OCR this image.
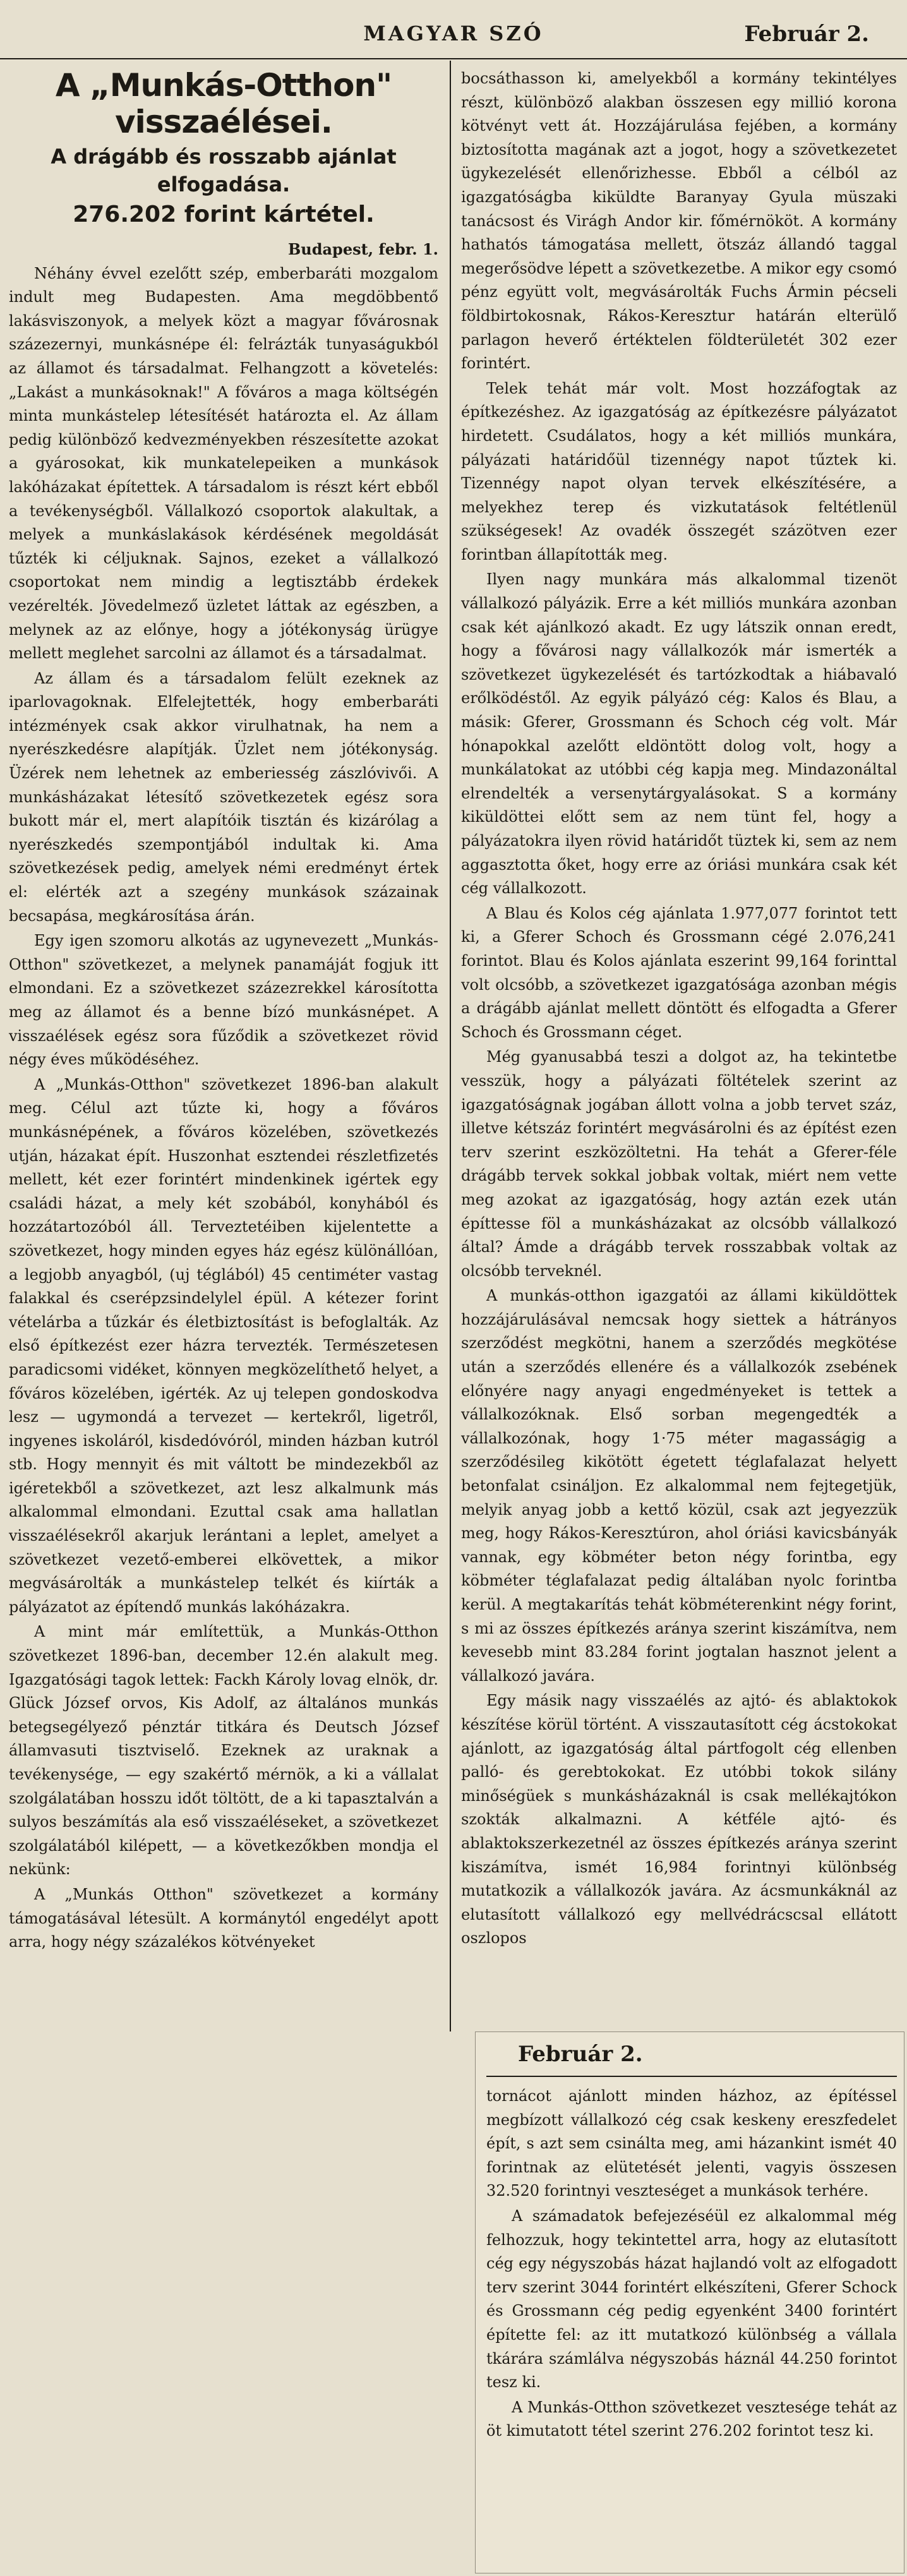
MAGYAR SZÓ	Február 2.
A „Munkás-Otthon" visszaélései.
A drágább és rosszabb ajánlat elfogadása.
276.202 forint kártétel.
Budapest, febr. 1.

Néhány évvel ezelőtt szép, emberbaráti mozgalom indult meg Budapesten. Ama megdöbbentő lakásviszonyok, a melyek közt a magyar fővárosnak százezernyi, munkásnépe él: felrázták tunyaságukból az államot és társadalmat. Felhangzott a követelés: „Lakást a munkásoknak!" A főváros a maga költségén minta munkástelep létesítését határozta el. Az állam pedig különböző kedvezményekben részesítette azokat a gyárosokat, kik munkatelepeiken a munkások lakóházakat építettek. A társadalom is részt kért ebből a tevékenységből. Vállalkozó csoportok alakultak, a melyek a munkáslakások kérdésének megoldását tűzték ki céljuknak. Sajnos, ezeket a vállalkozó csoportokat nem mindig a legtisztább érdekek vezérelték. Jövedelmező üzletet láttak az egészben, a melynek az az előnye, hogy a jótékonyság ürügye mellett meglehet sarcolni az államot és a társadalmat.

Az állam és a társadalom felült ezeknek az iparlovagoknak. Elfelejtették, hogy emberbaráti intézmények csak akkor virulhatnak, ha nem a nyerészkedésre alapítják. Üzlet nem jótékonyság. Üzérek nem lehetnek az emberiesség zászlóvivői. A munkásházakat létesítő szövetkezetek egész sora bukott már el, mert alapítóik tisztán és kizárólag a nyerészkedés szempontjából indultak ki. Ama szövetkezések pedig, amelyek némi eredményt értek el: elérték azt a szegény munkások százainak becsapása, megkárosítása árán.

Egy igen szomoru alkotás az ugynevezett „Munkás-Otthon" szövetkezet, a melynek panamáját fogjuk itt elmondani. Ez a szövetkezet százezrekkel károsította meg az államot és a benne bízó munkásnépet. A visszaélések egész sora fűződik a szövetkezet rövid négy éves működéséhez.

A „Munkás-Otthon" szövetkezet 1896-ban alakult meg. Célul azt tűzte ki, hogy a főváros munkásnépének, a főváros közelében, szövetkezés utján, házakat épít. Huszonhat esztendei részletfizetés mellett, két ezer forintért mindenkinek igértek egy családi házat, a mely két szobából, konyhából és hozzátartozóból áll. Terveztetéiben kijelentette a szövetkezet, hogy minden egyes ház egész különállóan, a legjobb anyagból, (uj téglából) 45 centiméter vastag falakkal és cserépzsindelylel épül. A kétezer forint vételárba a tűzkár és életbiztosítást is befoglalták. Az első építkezést ezer házra tervezték. Természetesen paradicsomi vidéket, könnyen megközelíthető helyet, a főváros közelében, igérték. Az uj telepen gondoskodva lesz — ugymondá a tervezet — kertekről, ligetről, ingyenes iskoláról, kisdedóvóról, minden házban kutról stb. Hogy mennyit és mit váltott be mindezekből az igéretekből a szövetkezet, azt lesz alkalmunk más alkalommal elmondani. Ezuttal csak ama hallatlan visszaélésekről akarjuk lerántani a leplet, amelyet a szövetkezet vezető-emberei elkövettek, a mikor megvásárolták a munkástelep telkét és kiírták a pályázatot az építendő munkás lakóházakra.

A mint már említettük, a Munkás-Otthon szövetkezet 1896-ban, december 12.én alakult meg. Igazgatósági tagok lettek: Fackh Károly lovag elnök, dr. Glück József orvos, Kis Adolf, az általános munkás betegsegélyező pénztár titkára és Deutsch József államvasuti tisztviselő. Ezeknek az uraknak a tevékenysége, — egy szakértő mérnök, a ki a vállalat szolgálatában hosszu időt töltött, de a ki tapasztalván a sulyos beszámítás ala eső visszaéléseket, a szövetkezet szolgálatából kilépett, — a következőkben mondja el nekünk:

A „Munkás Otthon" szövetkezet a kormány támogatásával létesült. A kormánytól engedélyt apott arra, hogy négy százalékos kötvényeket

bocsáthasson ki, amelyekből a kormány tekintélyes részt, különböző alakban összesen egy millió korona kötvényt vett át. Hozzájárulása fejében, a kormány biztosította magának azt a jogot, hogy a szövetkezetet ügykezelését ellenőrizhesse. Ebből a célból az igazgatóságba kiküldte Baranyay Gyula müszaki tanácsost és Virágh Andor kir. főmérnököt. A kormány hathatós támogatása mellett, ötszáz állandó taggal megerősödve lépett a szövetkezetbe. A mikor egy csomó pénz együtt volt, megvásárolták Fuchs Ármin pécseli földbirtokosnak, Rákos-Keresztur határán elterülő parlagon heverő értéktelen földterületét 302 ezer forintért.

Telek tehát már volt. Most hozzáfogtak az építkezéshez. Az igazgatóság az építkezésre pályázatot hirdetett. Csudálatos, hogy a két milliós munkára, pályázati határidőül tizennégy napot tűztek ki. Tizennégy napot olyan tervek elkészítésére, a melyekhez terep és vizkutatások feltétlenül szükségesek! Az ovadék összegét százötven ezer forintban állapították meg.

Ilyen nagy munkára más alkalommal tizenöt vállalkozó pályázik. Erre a két milliós munkára azonban csak két ajánlkozó akadt. Ez ugy látszik onnan eredt, hogy a fővárosi nagy vállalkozók már ismerték a szövetkezet ügykezelését és tartózkodtak a hiábavaló erőlködéstől. Az egyik pályázó cég: Kalos és Blau, a másik: Gferer, Grossmann és Schoch cég volt. Már hónapokkal azelőtt eldöntött dolog volt, hogy a munkálatokat az utóbbi cég kapja meg. Mindazonáltal elrendelték a versenytárgyalásokat. S a kormány kiküldöttei előtt sem az nem tünt fel, hogy a pályázatokra ilyen rövid határidőt tüztek ki, sem az nem aggasztotta őket, hogy erre az óriási munkára csak két cég vállalkozott.

A Blau és Kolos cég ajánlata 1.977,077 forintot tett ki, a Gferer Schoch és Grossmann cégé 2.076,241 forintot. Blau és Kolos ajánlata eszerint 99,164 forinttal volt olcsóbb, a szövetkezet igazgatósága azonban mégis a drágább ajánlat mellett döntött és elfogadta a Gferer Schoch és Grossmann céget.

Még gyanusabbá teszi a dolgot az, ha tekintetbe vesszük, hogy a pályázati föltételek szerint az igazgatóságnak jogában állott volna a jobb tervet száz, illetve kétszáz forintért megvásárolni és az építést ezen terv szerint eszközöltetni. Ha tehát a Gferer-féle drágább tervek sokkal jobbak voltak, miért nem vette meg azokat az igazgatóság, hogy aztán ezek után építtesse föl a munkásházakat az olcsóbb vállalkozó által? Ámde a drágább tervek rosszabbak voltak az olcsóbb terveknél.

A munkás-otthon igazgatói az állami kiküldöttek hozzájárulásával nemcsak hogy siettek a hátrányos szerződést megkötni, hanem a szerződés megkötése után a szerződés ellenére és a vállalkozók zsebének előnyére nagy anyagi engedményeket is tettek a vállalkozóknak. Első sorban megengedték a vállalkozónak, hogy 1·75 méter magasságig a szerződésileg kikötött égetett téglafalazat helyett betonfalat csináljon. Ez alkalommal nem fejtegetjük, melyik anyag jobb a kettő közül, csak azt jegyezzük meg, hogy Rákos-Keresztúron, ahol óriási kavicsbányák vannak, egy köbméter beton négy forintba, egy köbméter téglafalazat pedig általában nyolc forintba kerül. A megtakarítás tehát köbméterenkint négy forint, s mi az összes építkezés aránya szerint kiszámítva, nem kevesebb mint 83.284 forint jogtalan hasznot jelent a vállalkozó javára.

Egy másik nagy visszaélés az ajtó- és ablaktokok készítése körül történt. A visszautasított cég ácstokokat ajánlott, az igazgatóság által pártfogolt cég ellenben palló- és gerebtokokat. Ez utóbbi tokok silány minőségüek s munkásházaknál is csak mellékajtókon szokták alkalmazni. A kétféle ajtó- és ablaktokszerkezetnél az összes építkezés aránya szerint kiszámítva, ismét 16,984 forintnyi különbség mutatkozik a vállalkozók javára. Az ácsmunkáknál az elutasított vállalkozó egy mellvédrácscsal ellátott oszlopos

Február 2.

tornácot ajánlott minden házhoz, az építéssel megbízott vállalkozó cég csak keskeny ereszfedelet épít, s azt sem csinálta meg, ami házankint ismét 40 forintnak az elütetését jelenti, vagyis összesen 32.520 forintnyi veszteséget a munkások terhére.

A számadatok befejezéséül ez alkalommal még felhozzuk, hogy tekintettel arra, hogy az elutasított cég egy négyszobás házat hajlandó volt az elfogadott terv szerint 3044 forintért elkészíteni, Gferer Schock és Grossmann cég pedig egyenként 3400 forintért építette fel: az itt mutatkozó különbség a vállala tkárára számlálva négyszobás háznál 44.250 forintot tesz ki.

A Munkás-Otthon szövetkezet vesztesége tehát az öt kimutatott tétel szerint 276.202 forintot tesz ki.
